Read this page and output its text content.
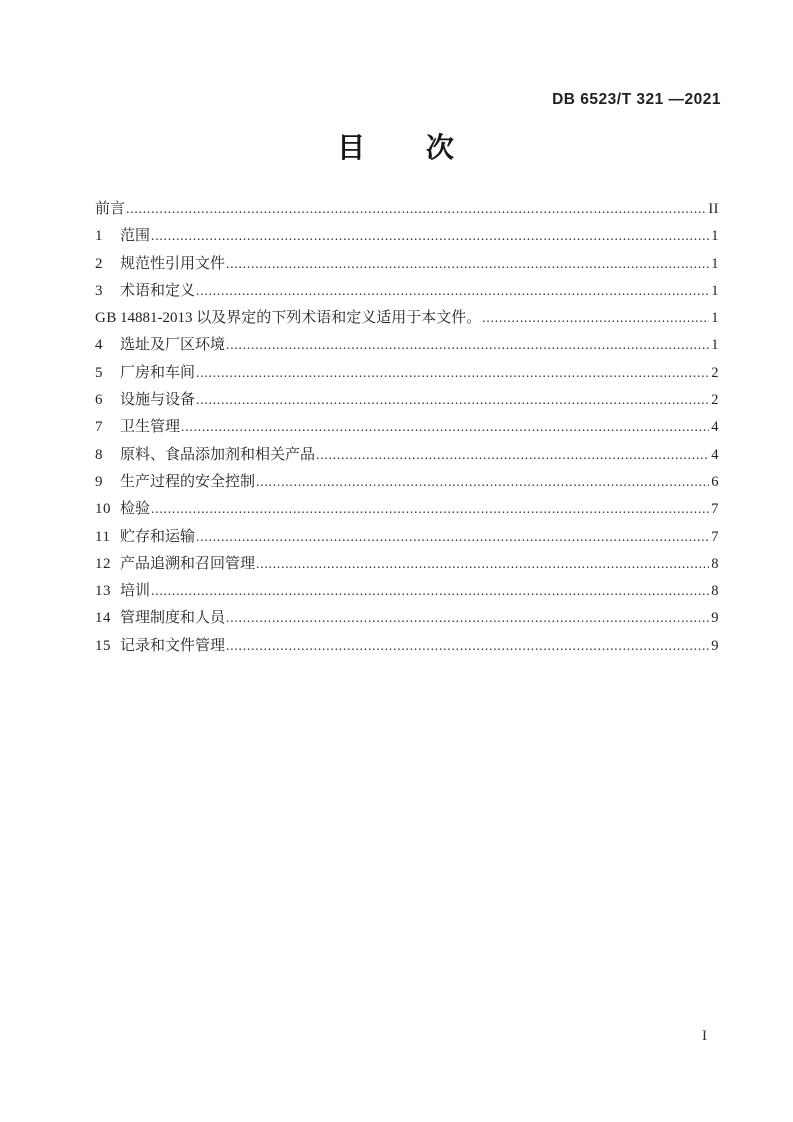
DB 6523/T 321 —2021
目      次
前言 .....	II
1	范围 .....	1
2	规范性引用文件 .....	1
3	术语和定义 .....	1
GB 14881-2013 以及界定的下列术语和定义适用于本文件。 .....	1
4	选址及厂区环境 .....	1
5	厂房和车间 .....	2
6	设施与设备 .....	2
7	卫生管理 .....	4
8	原料、食品添加剂和相关产品 .....	4
9	生产过程的安全控制 .....	6
10 检验 .....	7
11 贮存和运输 .....	7
12 产品追溯和召回管理 .....	8
13 培训 .....	8
14 管理制度和人员 .....	9
15 记录和文件管理 .....	9
I
